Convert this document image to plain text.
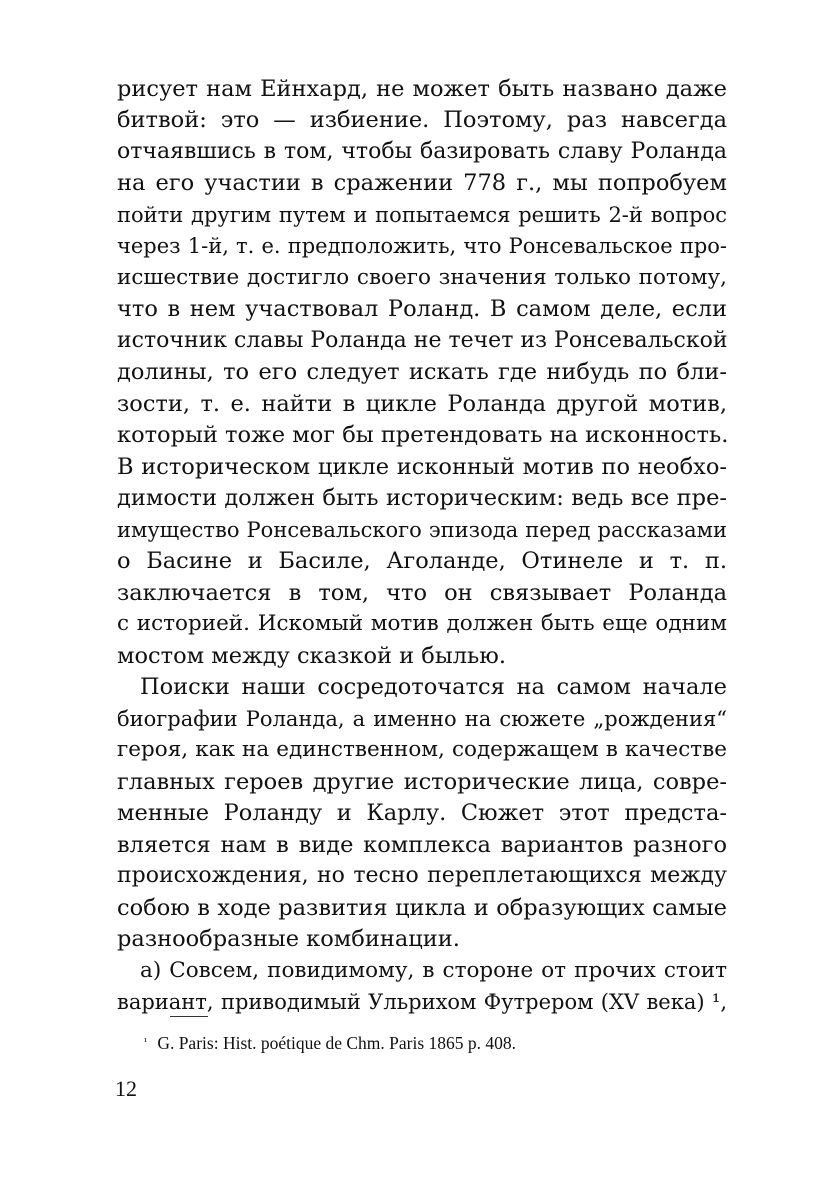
рисует нам Ейнхард, не может быть названо даже
битвой: это — избиение. Поэтому, раз навсегда
отчаявшись в том, чтобы базировать славу Роланда
на его участии в сражении 778 г., мы попробуем
пойти другим путем и попытаемся решить 2-й вопрос
через 1-й, т. е. предположить, что Ронсевальское про-
исшествие достигло своего значения только потому,
что в нем участвовал Роланд. В самом деле, если
источник славы Роланда не течет из Ронсевальской
долины, то его следует искать где нибудь по бли-
зости, т. е. найти в цикле Роланда другой мотив,
который тоже мог бы претендовать на исконность.
В историческом цикле исконный мотив по необхо-
димости должен быть историческим: ведь все пре-
имущество Ронсевальского эпизода перед рассказами
о Басине и Басиле, Аголанде, Отинеле и т. п.
заключается в том, что он связывает Роланда
с историей. Искомый мотив должен быть еще одним
мостом между сказкой и былью.
Поиски наши сосредоточатся на самом начале
биографии Роланда, а именно на сюжете „рождения“
героя, как на единственном, содержащем в качестве
главных героев другие исторические лица, совре-
менные Роланду и Карлу. Сюжет этот предста-
вляется нам в виде комплекса вариантов разного
происхождения, но тесно переплетающихся между
собою в ходе развития цикла и образующих самые
разнообразные комбинации.
а) Совсем, повидимому, в стороне от прочих стоит
вариант, приводимый Ульрихом Футрером (XV века) ¹,
$^{^1}$ G. Paris: Hist. poétique de Chm. Paris 1865 p. 408.
12
